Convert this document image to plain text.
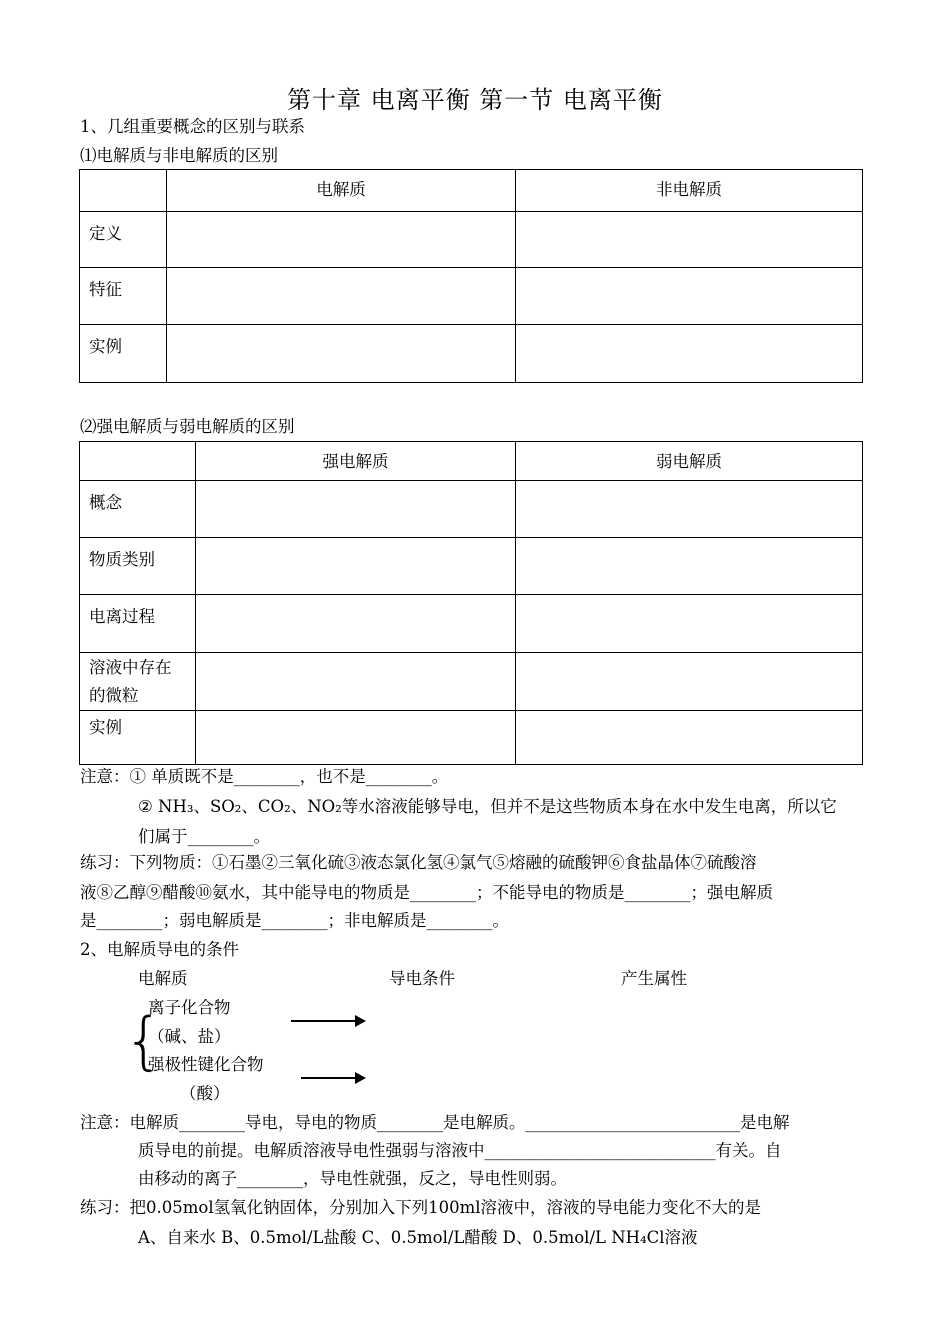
第十章 电离平衡 第一节 电离平衡
1、几组重要概念的区别与联系
⑴电解质与非电解质的区别
	电解质	非电解质
定义		
特征		
实例		
⑵强电解质与弱电解质的区别
	强电解质	弱电解质
概念		
物质类别		
电离过程		
溶液中存在
的微粒		
实例		
注意：① 单质既不是________，也不是________。
② NH₃、SO₂、CO₂、NO₂等水溶液能够导电，但并不是这些物质本身在水中发生电离，所以它
们属于________。
练习：下列物质：①石墨②三氧化硫③液态氯化氢④氯气⑤熔融的硫酸钾⑥食盐晶体⑦硫酸溶
液⑧乙醇⑨醋酸⑩氨水，其中能导电的物质是________；不能导电的物质是________；强电解质
是________；弱电解质是________；非电解质是________。
2、电解质导电的条件
电解质	导电条件	产生属性
{
离子化合物
（碱、盐）
强极性键化合物
（酸）
注意：电解质________导电，导电的物质________是电解质。__________________________是电解
质导电的前提。电解质溶液导电性强弱与溶液中____________________________有关。自
由移动的离子________，导电性就强，反之，导电性则弱。
练习：把0.05mol氢氧化钠固体，分别加入下列100ml溶液中，溶液的导电能力变化不大的是
A、自来水 B、0.5mol/L盐酸 C、0.5mol/L醋酸 D、0.5mol/L NH₄Cl溶液
